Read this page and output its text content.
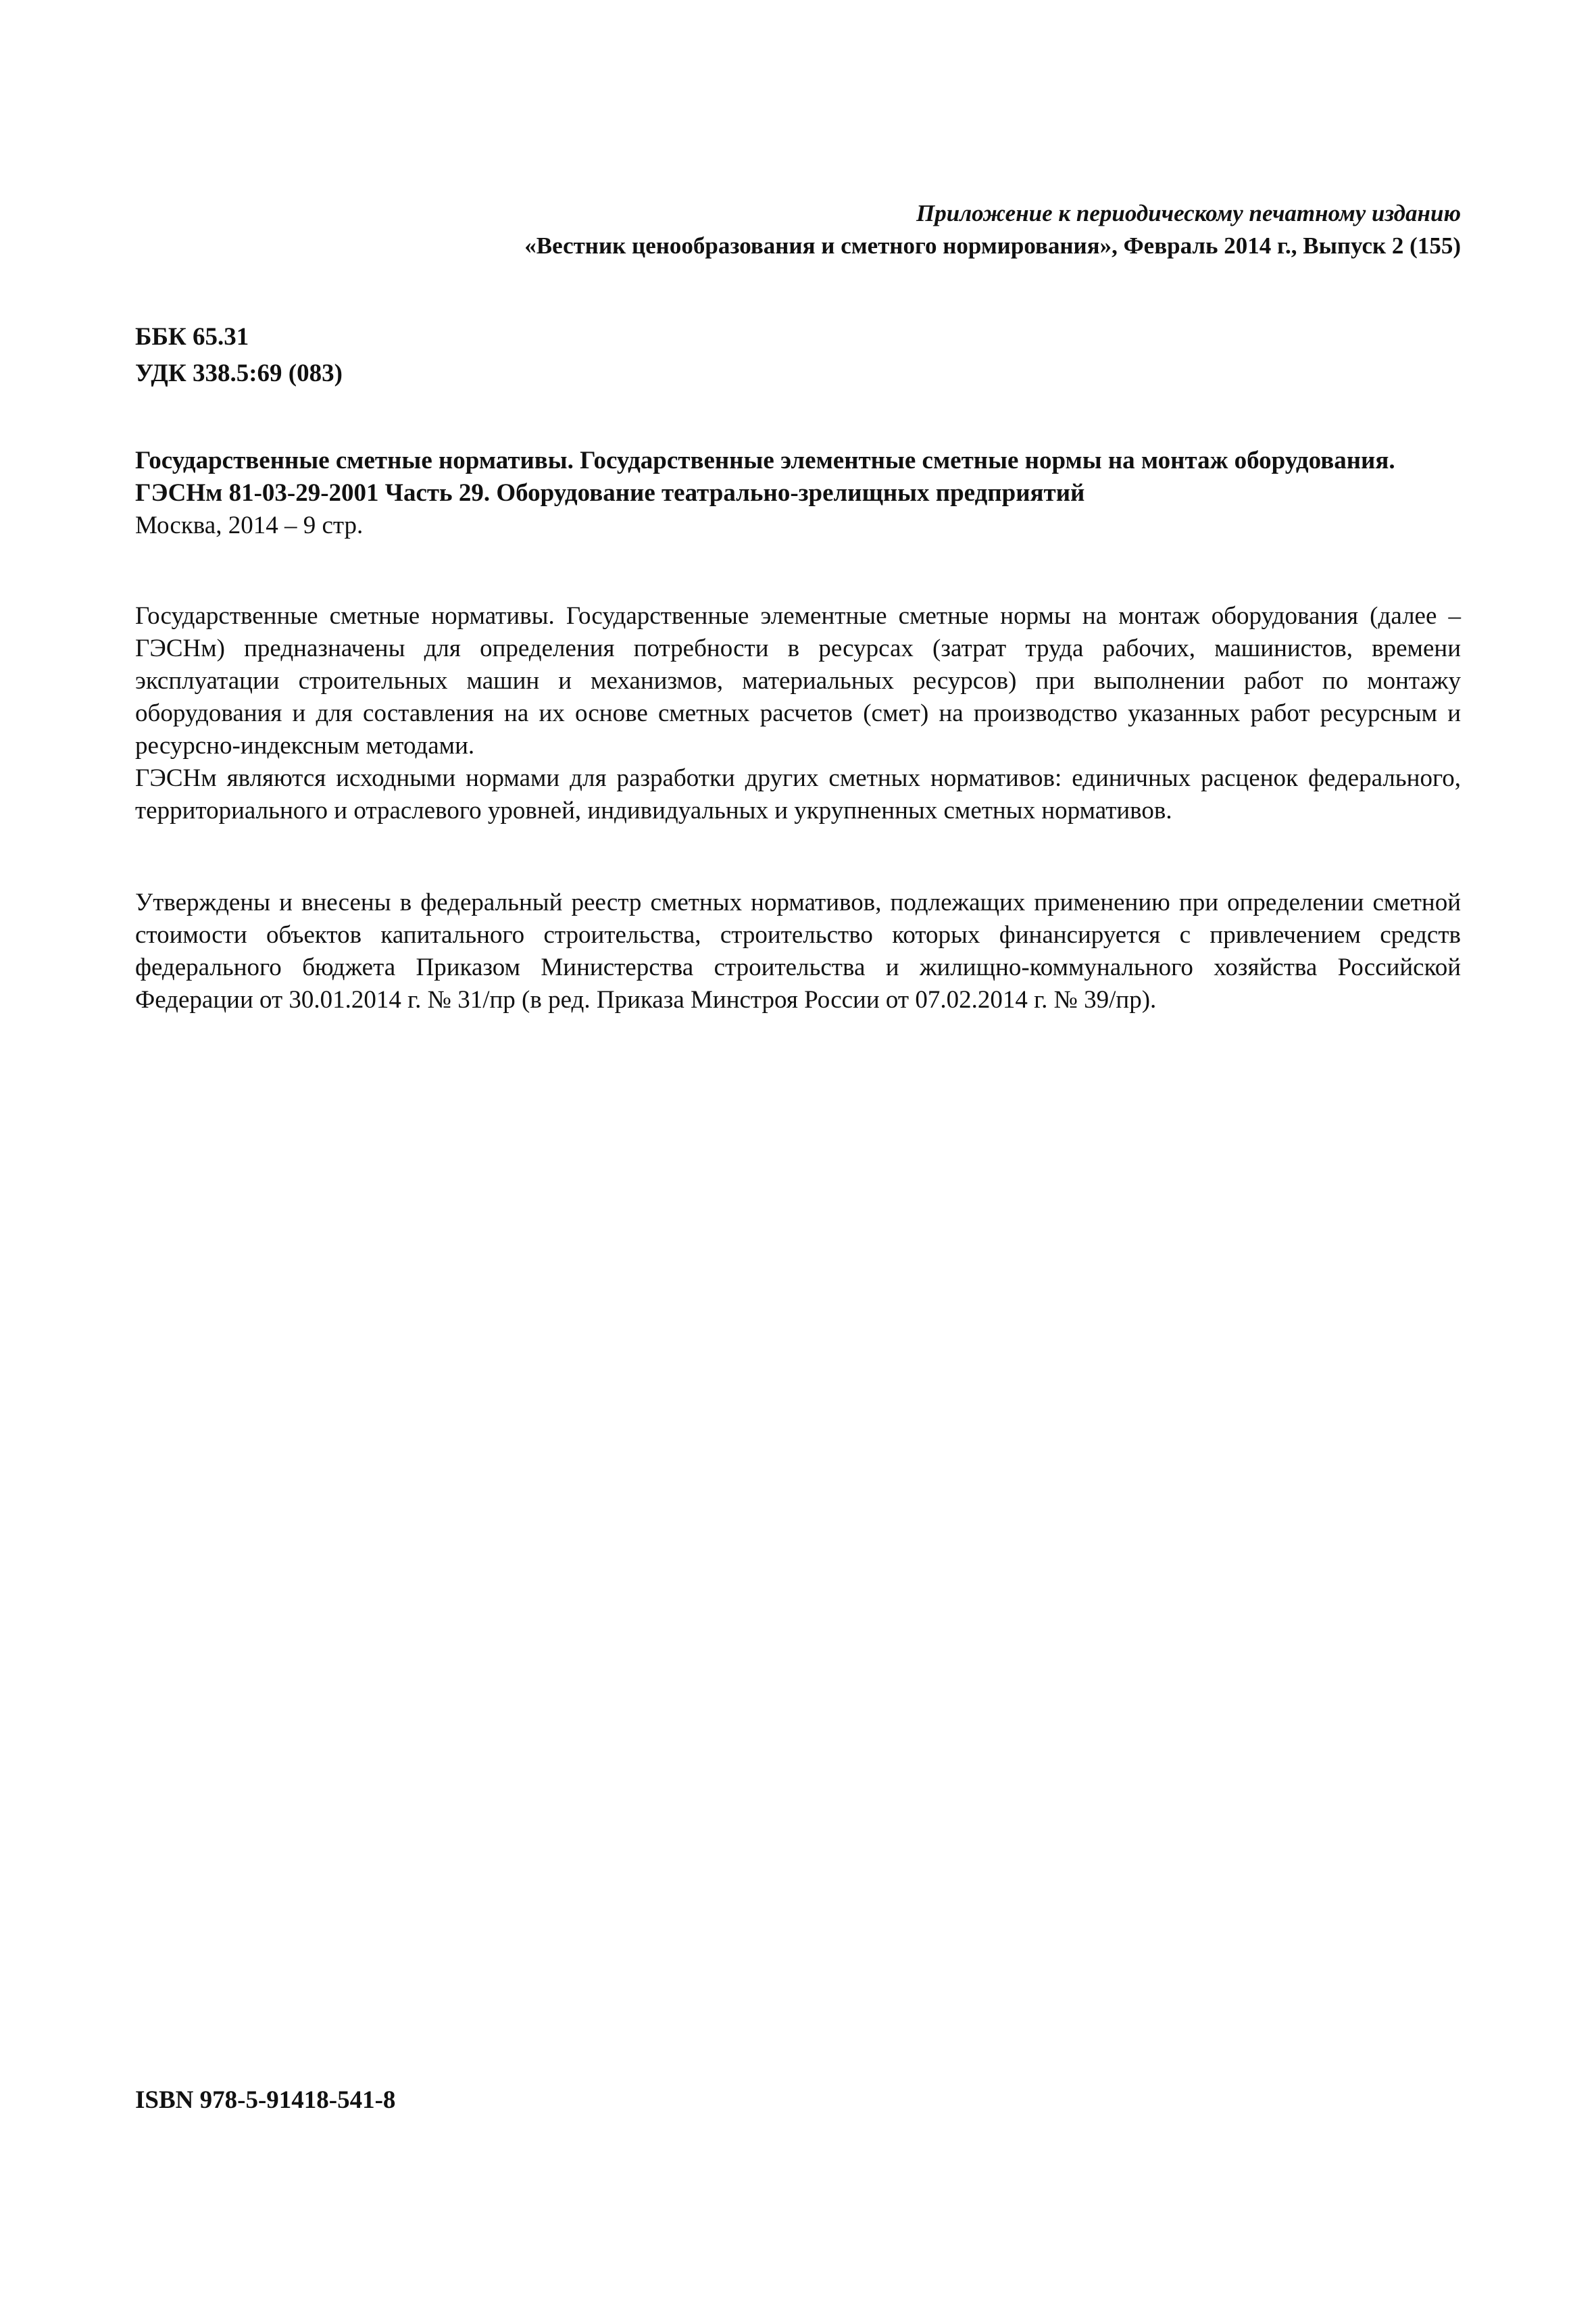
Приложение к периодическому печатному изданию
«Вестник ценообразования и сметного нормирования», Февраль 2014 г., Выпуск 2 (155)
ББК 65.31
УДК 338.5:69 (083)
Государственные сметные нормативы. Государственные элементные сметные нормы на монтаж оборудования.
ГЭСНм 81-03-29-2001 Часть 29. Оборудование театрально-зрелищных предприятий
Москва, 2014 – 9 стр.

Государственные сметные нормативы. Государственные элементные сметные нормы на монтаж оборудования (далее – ГЭСНм) предназначены для определения потребности в ресурсах (затрат труда рабочих, машинистов, времени эксплуатации строительных машин и механизмов, материальных ресурсов) при выполнении работ по монтажу оборудования и для составления на их основе сметных расчетов (смет) на производство указанных работ ресурсным и ресурсно-индексным методами.

ГЭСНм являются исходными нормами для разработки других сметных нормативов: единичных расценок федерального, территориального и отраслевого уровней, индивидуальных и укрупненных сметных нормативов.

Утверждены и внесены в федеральный реестр сметных нормативов, подлежащих применению при определении сметной стоимости объектов капитального строительства, строительство которых финансируется с привлечением средств федерального бюджета Приказом Министерства строительства и жилищно-коммунального хозяйства Российской Федерации от 30.01.2014 г. № 31/пр (в ред. Приказа Минстроя России от 07.02.2014 г. № 39/пр).

ISBN 978-5-91418-541-8
